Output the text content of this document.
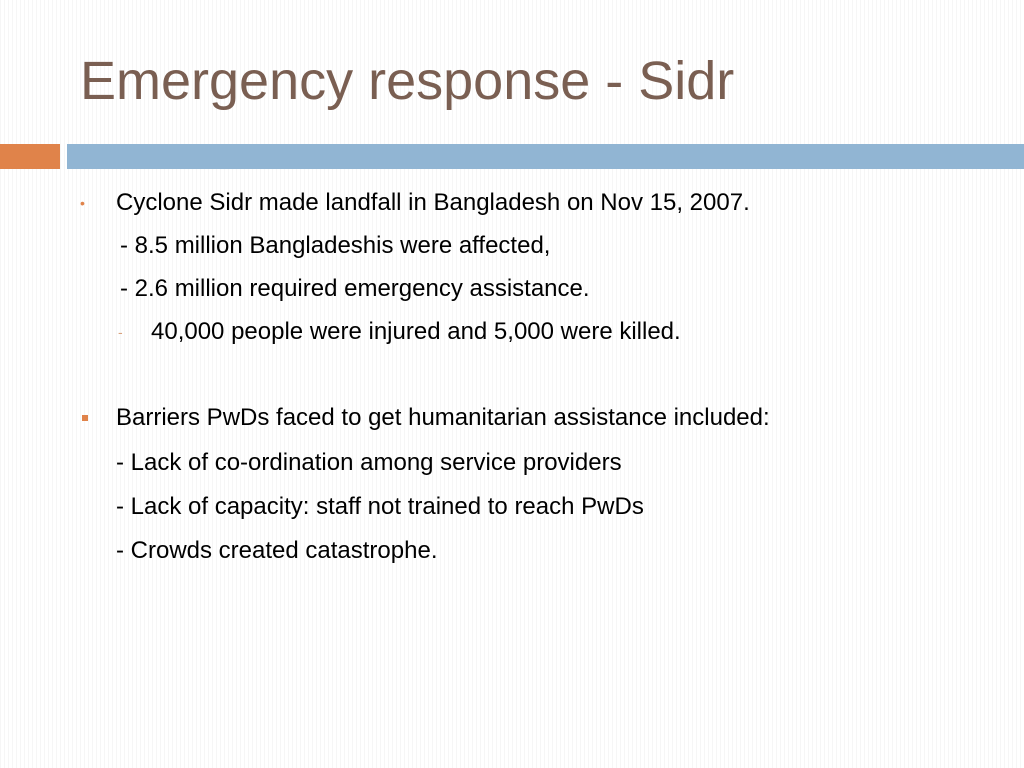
Emergency response - Sidr
• Cyclone Sidr made landfall in Bangladesh on Nov 15, 2007.
- 8.5 million Bangladeshis were affected,
- 2.6 million required emergency assistance.
- 40,000 people were injured and 5,000 were killed.
Barriers PwDs faced to get humanitarian assistance included:
- Lack of co-ordination among service providers
- Lack of capacity: staff not trained to reach PwDs
- Crowds created catastrophe.
